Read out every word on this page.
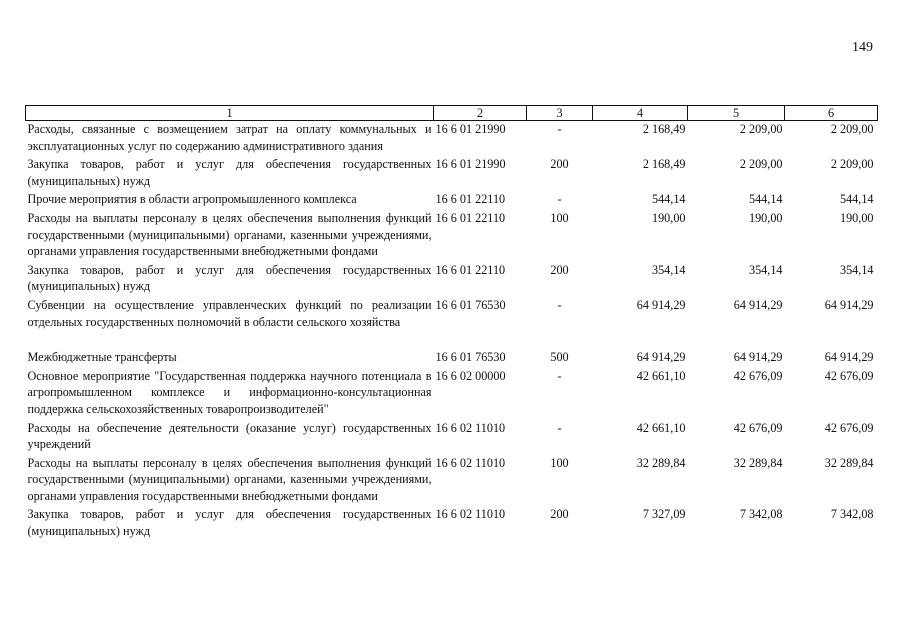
149
1	2	3	4	5	6
Расходы, связанные с возмещением затрат на оплату коммунальных и эксплуатационных услуг по содержанию административного здания	16 6 01 21990	-	2 168,49	2 209,00	2 209,00
Закупка товаров, работ и услуг для обеспечения государственных (муниципальных) нужд	16 6 01 21990	200	2 168,49	2 209,00	2 209,00
Прочие мероприятия в области агропромышленного комплекса	16 6 01 22110	-	544,14	544,14	544,14
Расходы на выплаты персоналу в целях обеспечения выполнения функций государственными (муниципальными) органами, казенными учреждениями, органами управления государственными внебюджетными фондами	16 6 01 22110	100	190,00	190,00	190,00
Закупка товаров, работ и услуг для обеспечения государственных (муниципальных) нужд	16 6 01 22110	200	354,14	354,14	354,14
Субвенции на осуществление управленческих функций по реализации отдельных государственных полномочий в области сельского хозяйства	16 6 01 76530	-	64 914,29	64 914,29	64 914,29
Межбюджетные трансферты	16 6 01 76530	500	64 914,29	64 914,29	64 914,29
Основное мероприятие "Государственная поддержка научного потенциала в агропромышленном комплексе и информационно-консультационная поддержка сельскохозяйственных товаропроизводителей"	16 6 02 00000	-	42 661,10	42 676,09	42 676,09
Расходы на обеспечение деятельности (оказание услуг) государственных учреждений	16 6 02 11010	-	42 661,10	42 676,09	42 676,09
Расходы на выплаты персоналу в целях обеспечения выполнения функций государственными (муниципальными) органами, казенными учреждениями, органами управления государственными внебюджетными фондами	16 6 02 11010	100	32 289,84	32 289,84	32 289,84
Закупка товаров, работ и услуг для обеспечения государственных (муниципальных) нужд	16 6 02 11010	200	7 327,09	7 342,08	7 342,08
